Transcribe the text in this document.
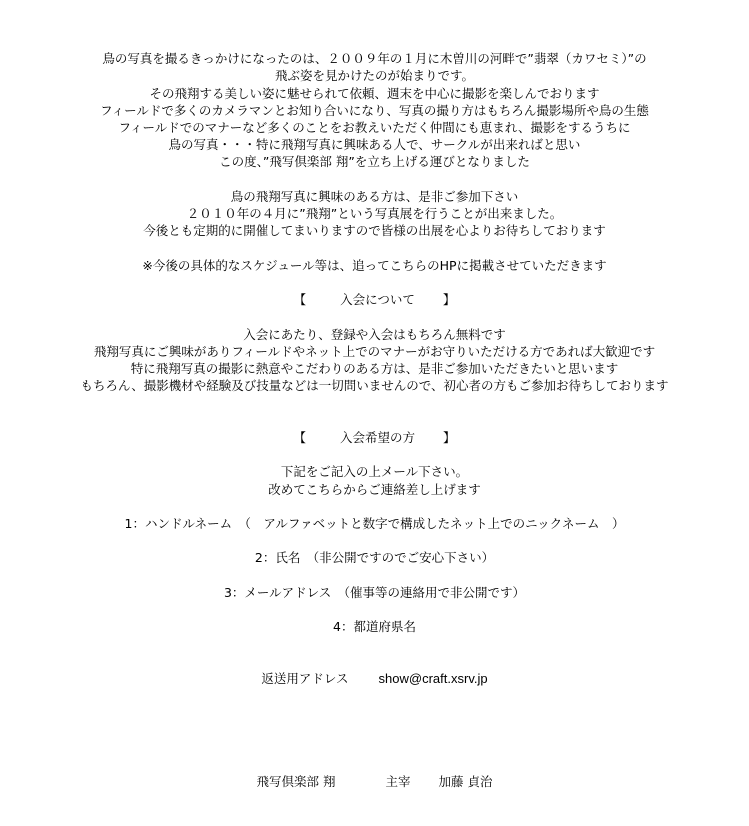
鳥の写真を撮るきっかけになったのは、２００９年の１月に木曽川の河畔で”翡翠（カワセミ）”の
飛ぶ姿を見かけたのが始まりです。
その飛翔する美しい姿に魅せられて依頼、週末を中心に撮影を楽しんでおります
フィールドで多くのカメラマンとお知り合いになり、写真の撮り方はもちろん撮影場所や鳥の生態
フィールドでのマナーなど多くのことをお教えいただく仲間にも恵まれ、撮影をするうちに
鳥の写真・・・特に飛翔写真に興味ある人で、サークルが出来ればと思い
この度、”飛写倶楽部 翔”を立ち上げる運びとなりました
鳥の飛翔写真に興味のある方は、是非ご参加下さい
２０１０年の４月に”飛翔”という写真展を行うことが出来ました。
今後とも定期的に開催してまいりますので皆様の出展を心よりお待ちしております
※今後の具体的なスケジュール等は、追ってこちらのHPに掲載させていただきます
【	入会について 】
入会にあたり、登録や入会はもちろん無料です
飛翔写真にご興味がありフィールドやネット上でのマナーがお守りいただける方であれば大歓迎です
特に飛翔写真の撮影に熱意やこだわりのある方は、是非ご参加いただきたいと思います
もちろん、撮影機材や経験及び技量などは一切問いませんので、初心者の方もご参加お待ちしております
【	入会希望の方 】
下記をご記入の上メール下さい。
改めてこちらからご連絡差し上げます
1：ハンドルネーム　（　アルファベットと数字で構成したネット上でのニックネーム　）
2：氏名　（非公開ですのでご安心下さい）
3：メールアドレス　（催事等の連絡用で非公開です）
4：都道府県名
返送用アドレス show@craft.xsrv.jp
飛写倶楽部 翔	主宰 加藤 貞治
